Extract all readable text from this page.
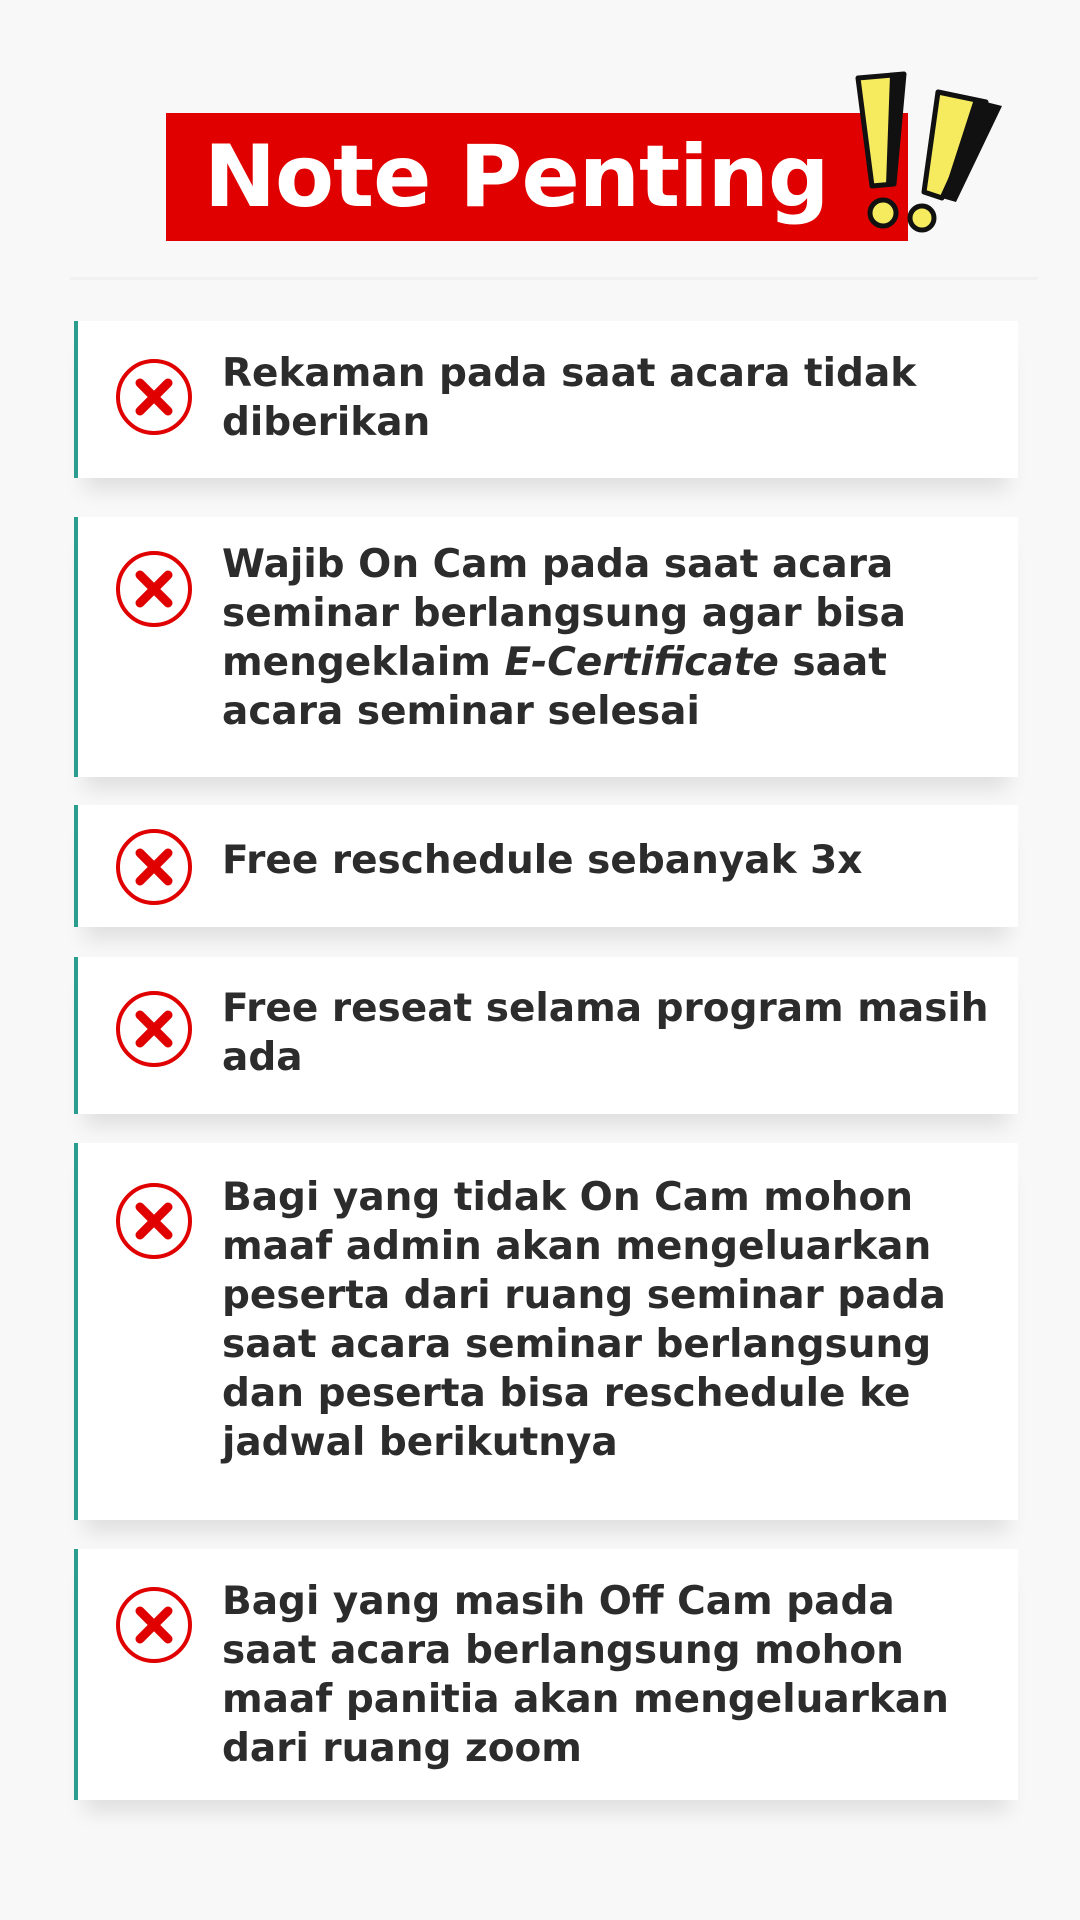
Note Penting

Rekaman pada saat acara tidak diberikan

Wajib On Cam pada saat acara seminar berlangsung agar bisa mengeklaim E-Certificate saat acara seminar selesai

Free reschedule sebanyak 3x

Free reseat selama program masih ada

Bagi yang tidak On Cam mohon maaf admin akan mengeluarkan peserta dari ruang seminar pada saat acara seminar berlangsung dan peserta bisa reschedule ke jadwal berikutnya

Bagi yang masih Off Cam pada saat acara berlangsung mohon maaf panitia akan mengeluarkan dari ruang zoom
